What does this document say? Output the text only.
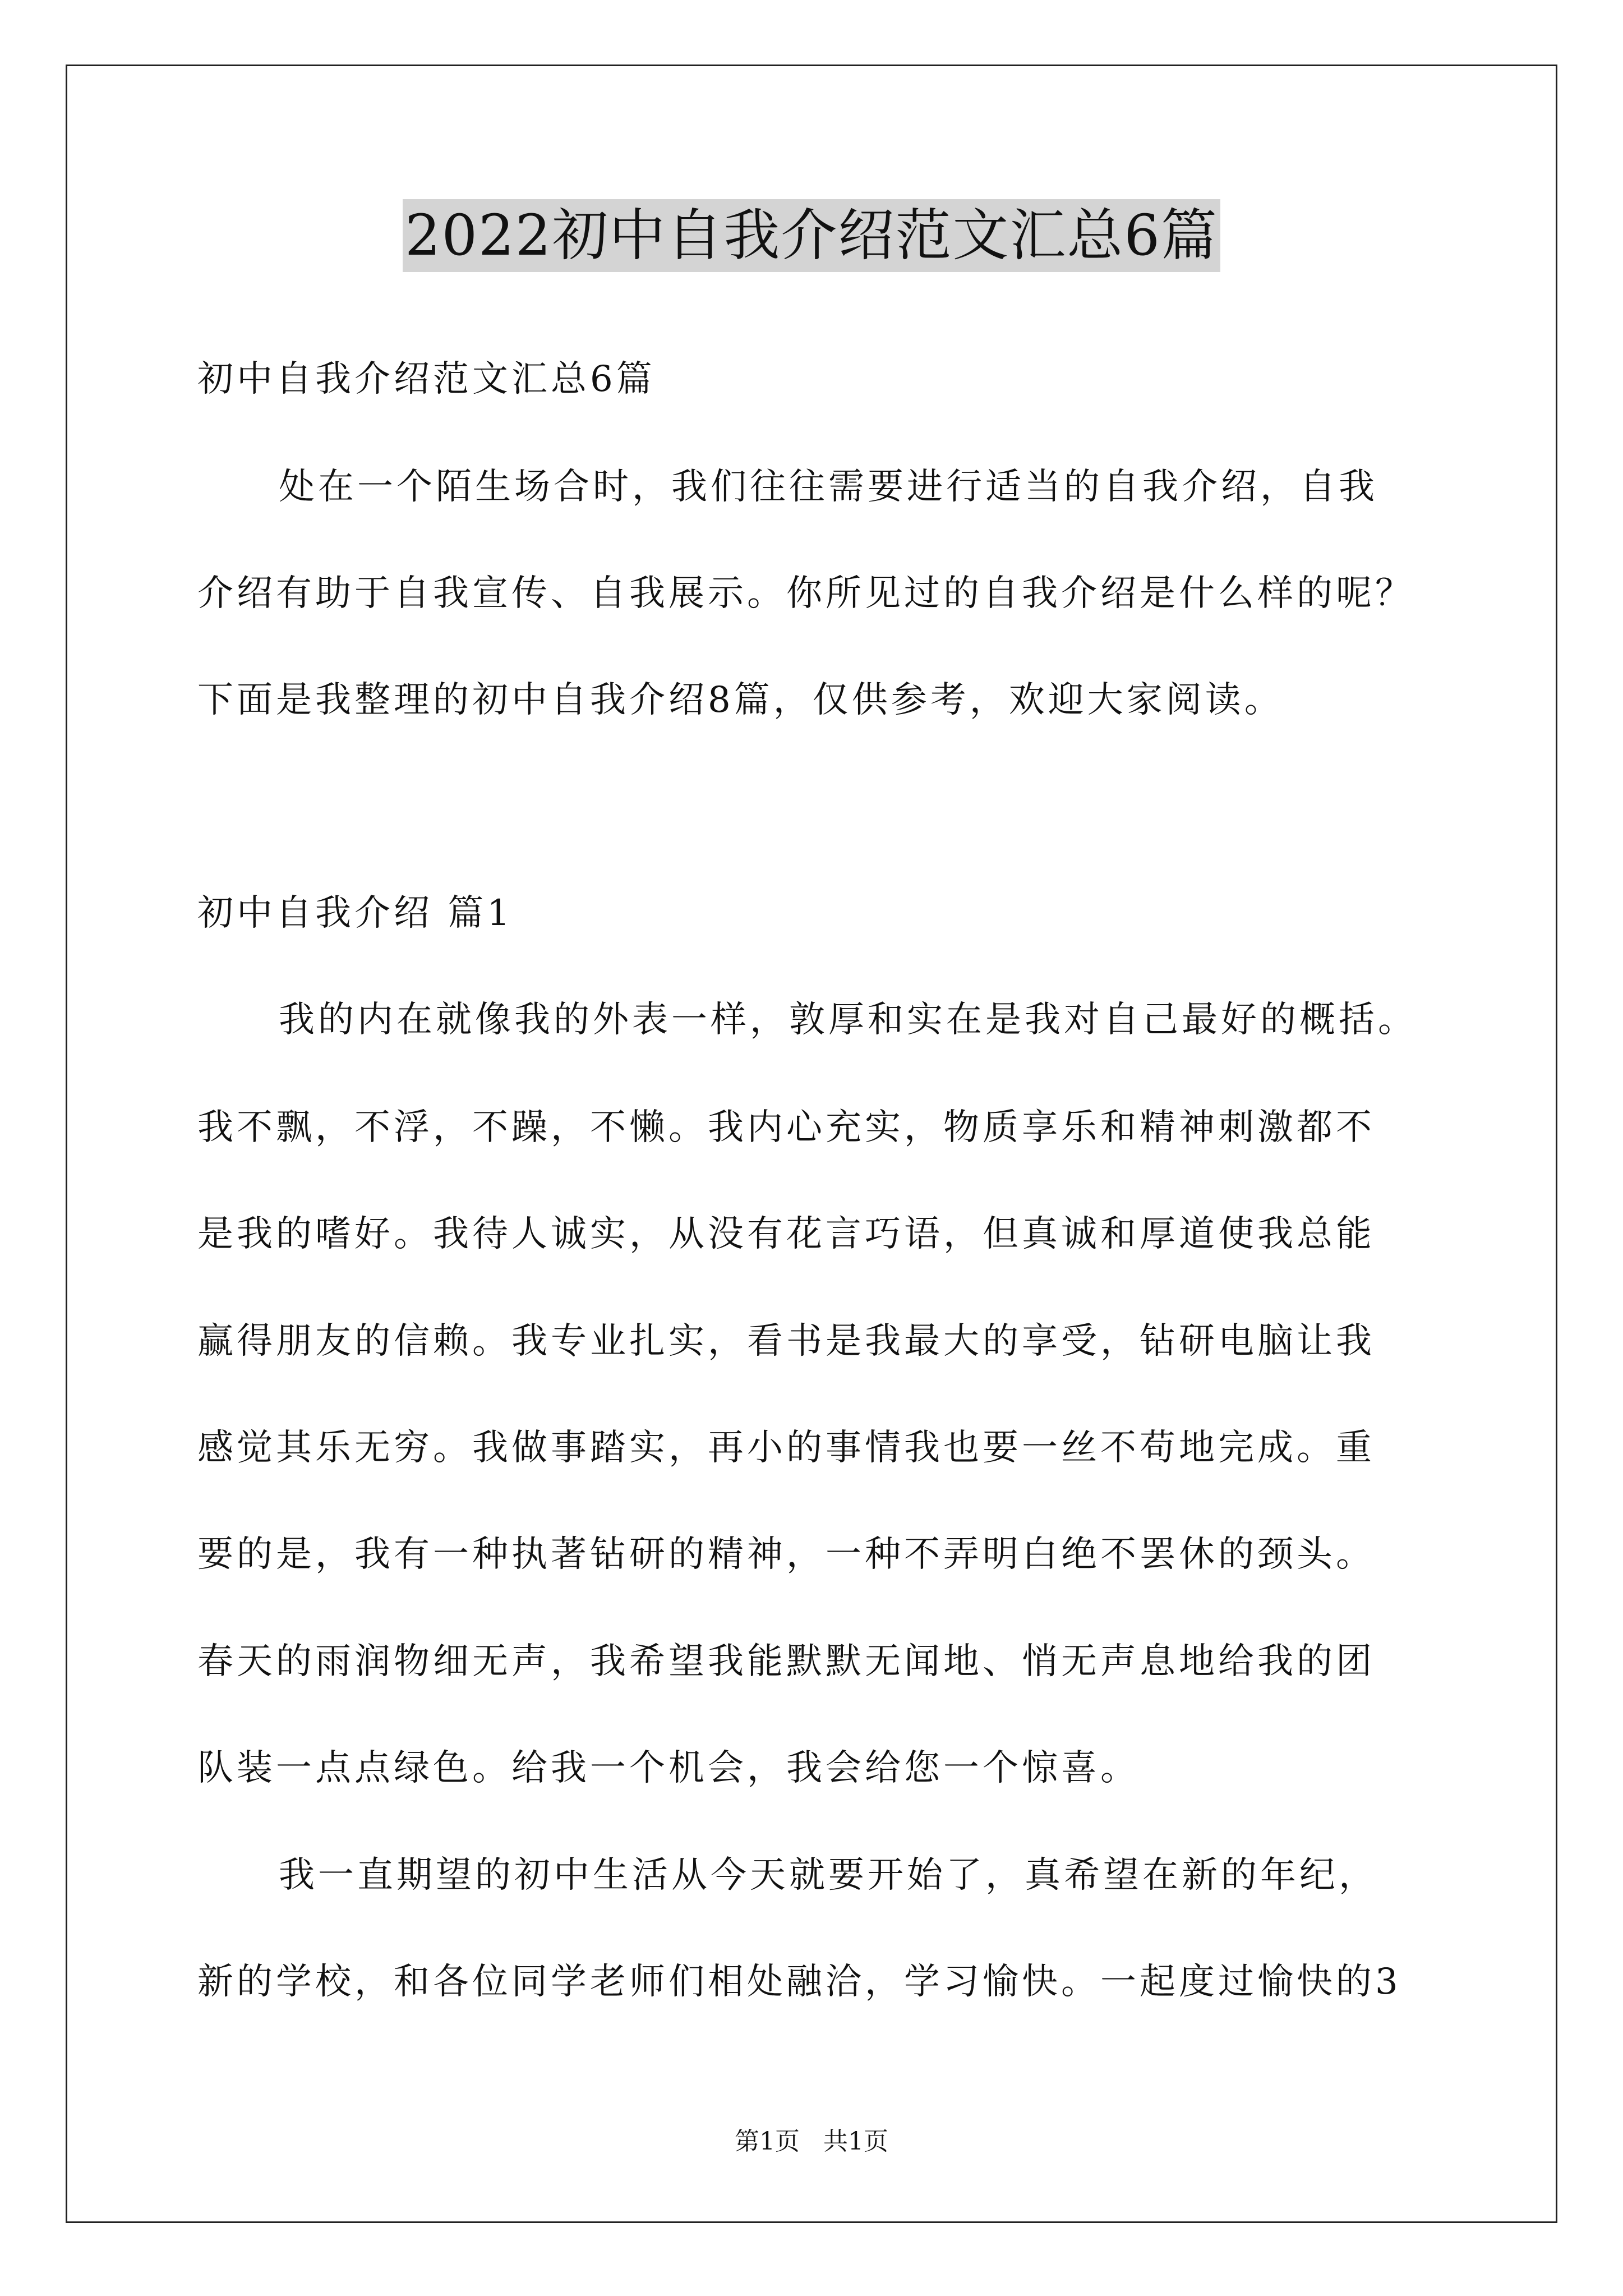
2022初中自我介绍范文汇总6篇
初中自我介绍范文汇总6篇
处在一个陌生场合时，我们往往需要进行适当的自我介绍，自我
介绍有助于自我宣传、自我展示。你所见过的自我介绍是什么样的呢？
下面是我整理的初中自我介绍8篇，仅供参考，欢迎大家阅读。
初中自我介绍 篇1
我的内在就像我的外表一样，敦厚和实在是我对自己最好的概括。
我不飘，不浮，不躁，不懒。我内心充实，物质享乐和精神刺激都不
是我的嗜好。我待人诚实，从没有花言巧语，但真诚和厚道使我总能
赢得朋友的信赖。我专业扎实，看书是我最大的享受，钻研电脑让我
感觉其乐无穷。我做事踏实，再小的事情我也要一丝不苟地完成。重
要的是，我有一种执著钻研的精神，一种不弄明白绝不罢休的颈头。
春天的雨润物细无声，我希望我能默默无闻地、悄无声息地给我的团
队装一点点绿色。给我一个机会，我会给您一个惊喜。
我一直期望的初中生活从今天就要开始了，真希望在新的年纪，
新的学校，和各位同学老师们相处融洽，学习愉快。一起度过愉快的3
第1页   共1页
